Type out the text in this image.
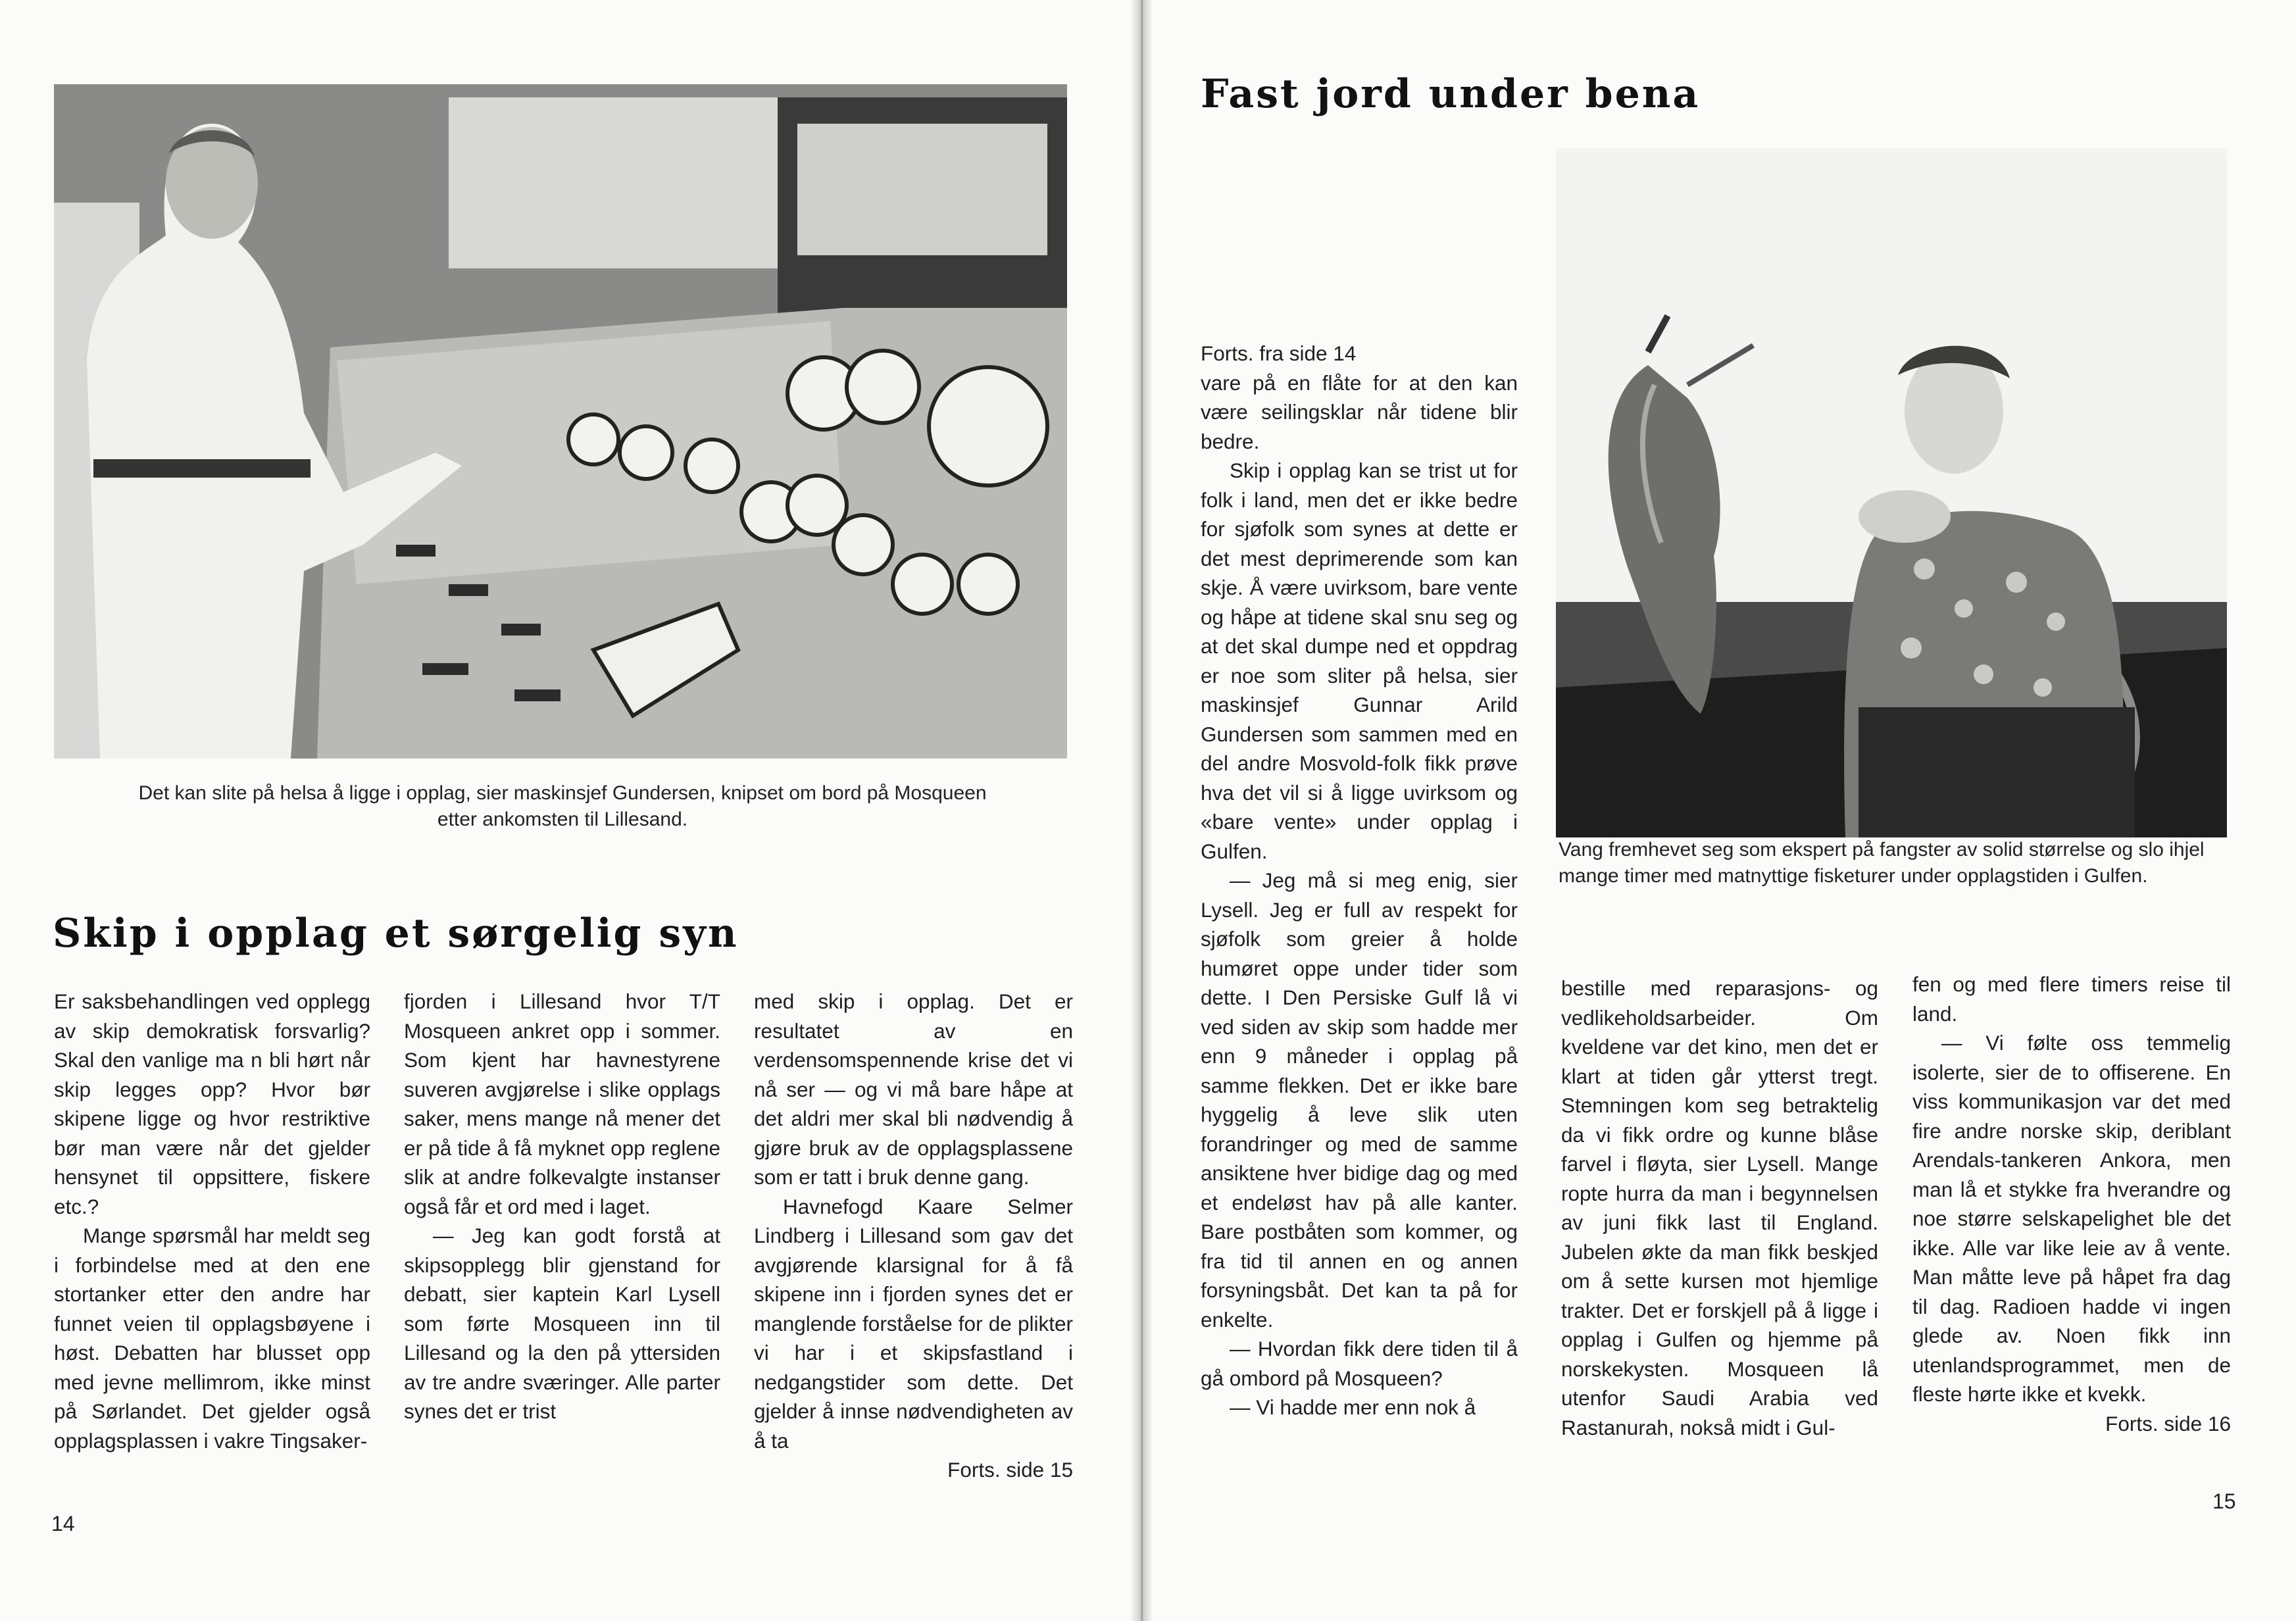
Det kan slite på helsa å ligge i opplag, sier maskinsjef Gundersen, knipset om bord på Mosqueen etter ankomsten til Lillesand.
Skip i opplag et sørgelig syn

Er saksbehandlingen ved opplegg av skip demokratisk forsvarlig? Skal den vanlige ma n bli hørt når skip legges opp? Hvor bør skipene ligge og hvor restriktive bør man være når det gjelder hensynet til oppsittere, fiskere etc.?

Mange spørsmål har meldt seg i forbindelse med at den ene stortanker etter den andre har funnet veien til opplagsbøyene i høst. Debatten har blusset opp med jevne mellimrom, ikke minst på Sørlandet. Det gjelder også opplagsplassen i vakre Tingsaker-

fjorden i Lillesand hvor T/T Mosqueen ankret opp i sommer. Som kjent har havnestyrene suveren avgjørelse i slike opplags saker, mens mange nå mener det er på tide å få myknet opp reglene slik at andre folkevalgte instanser også får et ord med i laget.

— Jeg kan godt forstå at skipsopplegg blir gjenstand for debatt, sier kaptein Karl Lysell som førte Mosqueen inn til Lillesand og la den på yttersiden av tre andre sværinger. Alle parter synes det er trist

med skip i opplag. Det er resultatet av en verdensomspennende krise det vi nå ser — og vi må bare håpe at det aldri mer skal bli nødvendig å gjøre bruk av de opplagsplassene som er tatt i bruk denne gang.

Havnefogd Kaare Selmer Lindberg i Lillesand som gav det avgjørende klarsignal for å få skipene inn i fjorden synes det er manglende forståelse for de plikter vi har i et skipsfastland i nedgangstider som dette. Det gjelder å innse nødvendigheten av å ta

Forts. side 15
14
Fast jord under bena
Vang fremhevet seg som ekspert på fangster av solid størrelse og slo ihjel mange timer med matnyttige fisketurer under opplagstiden i Gulfen.
Forts. fra side 14

vare på en flåte for at den kan være seilingsklar når tidene blir bedre.

Skip i opplag kan se trist ut for folk i land, men det er ikke bedre for sjøfolk som synes at dette er det mest deprimerende som kan skje. Å være uvirksom, bare vente og håpe at tidene skal snu seg og at det skal dumpe ned et oppdrag er noe som sliter på helsa, sier maskinsjef Gunnar Arild Gundersen som sammen med en del andre Mosvold-folk fikk prøve hva det vil si å ligge uvirksom og «bare vente» under opplag i Gulfen.

— Jeg må si meg enig, sier Lysell. Jeg er full av respekt for sjøfolk som greier å holde humøret oppe under tider som dette. I Den Persiske Gulf lå vi ved siden av skip som hadde mer enn 9 måneder i opplag på samme flekken. Det er ikke bare hyggelig å leve slik uten forandringer og med de samme ansiktene hver bidige dag og med et endeløst hav på alle kanter. Bare postbåten som kommer, og fra tid til annen en og annen forsyningsbåt. Det kan ta på for enkelte.

— Hvordan fikk dere tiden til å gå ombord på Mosqueen?

— Vi hadde mer enn nok å

bestille med reparasjons- og vedlikeholdsarbeider. Om kveldene var det kino, men det er klart at tiden går ytterst tregt. Stemningen kom seg betraktelig da vi fikk ordre og kunne blåse farvel i fløyta, sier Lysell. Mange ropte hurra da man i begynnelsen av juni fikk last til England. Jubelen økte da man fikk beskjed om å sette kursen mot hjemlige trakter. Det er forskjell på å ligge i opplag i Gulfen og hjemme på norskekysten. Mosqueen lå utenfor Saudi Arabia ved Rastanurah, nokså midt i Gul-

fen og med flere timers reise til land.

— Vi følte oss temmelig isolerte, sier de to offiserene. En viss kommunikasjon var det med fire andre norske skip, deriblant Arendals-tankeren Ankora, men man lå et stykke fra hverandre og noe større selskapelighet ble det ikke. Alle var like leie av å vente. Man måtte leve på håpet fra dag til dag. Radioen hadde vi ingen glede av. Noen fikk inn utenlandsprogrammet, men de fleste hørte ikke et kvekk.

Forts. side 16
15
